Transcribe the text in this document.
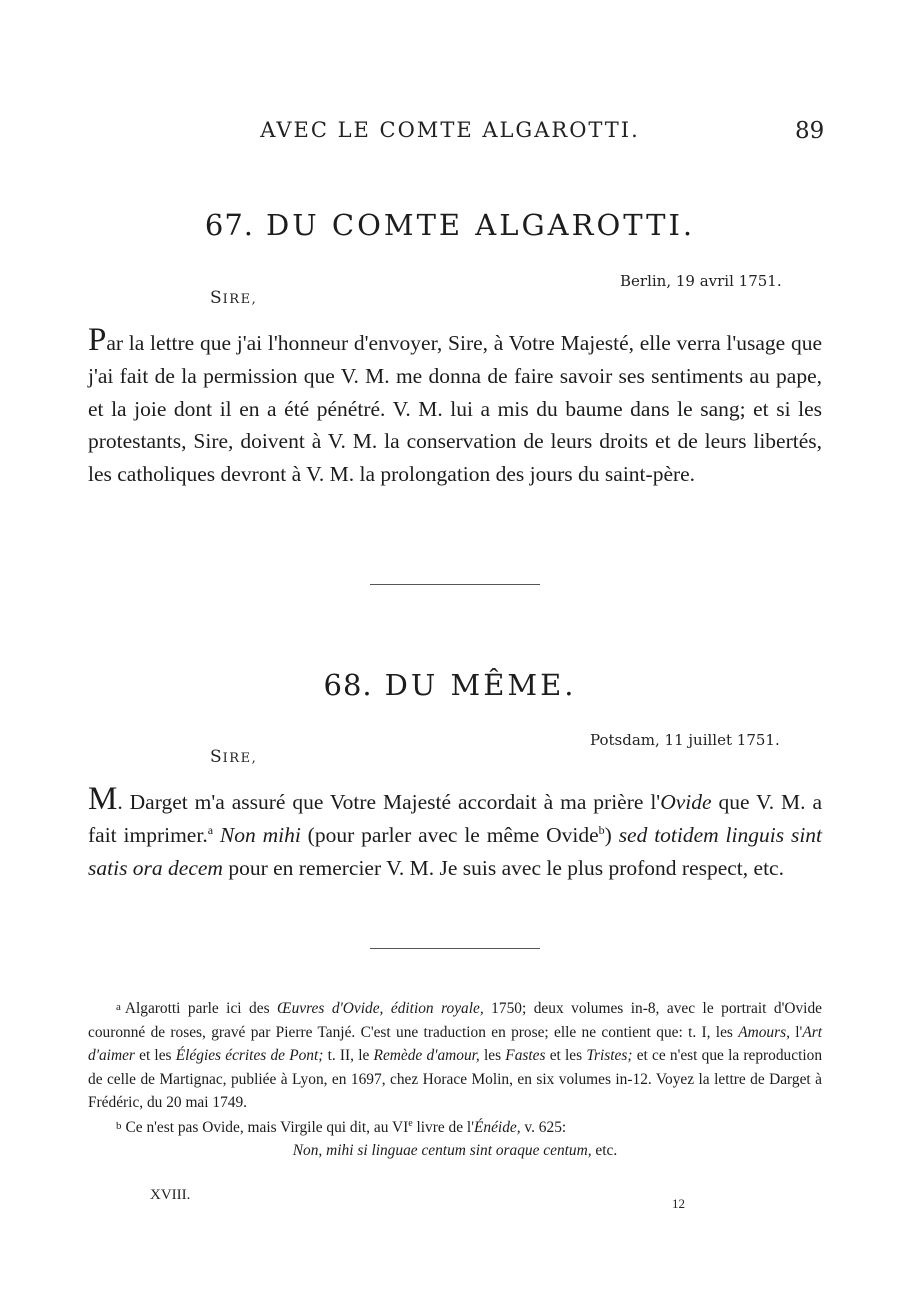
AVEC LE COMTE ALGAROTTI.	89
67. DU COMTE ALGAROTTI.
Berlin, 19 avril 1751.
SIRE,
Par la lettre que j'ai l'honneur d'envoyer, Sire, à Votre Majesté, elle verra l'usage que j'ai fait de la permission que V. M. me donna de faire savoir ses sentiments au pape, et la joie dont il en a été pénétré. V. M. lui a mis du baume dans le sang; et si les protestants, Sire, doivent à V. M. la conservation de leurs droits et de leurs libertés, les catholiques devront à V. M. la prolongation des jours du saint-père.
68. DU MÊME.
Potsdam, 11 juillet 1751.
SIRE,
M. Darget m'a assuré que Votre Majesté accordait à ma prière l'Ovide que V. M. a fait imprimer.$^a$ Non mihi (pour parler avec le même Ovide$^b$) sed totidem linguis sint satis ora decem pour en remercier V. M. Je suis avec le plus profond respect, etc.

a Algarotti parle ici des Œuvres d'Ovide, édition royale, 1750; deux volumes in-8, avec le portrait d'Ovide couronné de roses, gravé par Pierre Tanjé. C'est une traduction en prose; elle ne contient que: t. I, les Amours, l'Art d'aimer et les Élégies écrites de Pont; t. II, le Remède d'amour, les Fastes et les Tristes; et ce n'est que la reproduction de celle de Martignac, publiée à Lyon, en 1697, chez Horace Molin, en six volumes in-12. Voyez la lettre de Darget à Frédéric, du 20 mai 1749.

b Ce n'est pas Ovide, mais Virgile qui dit, au VIe livre de l'Énéide, v. 625:
Non, mihi si linguae centum sint oraque centum, etc.

XVIII.
12
